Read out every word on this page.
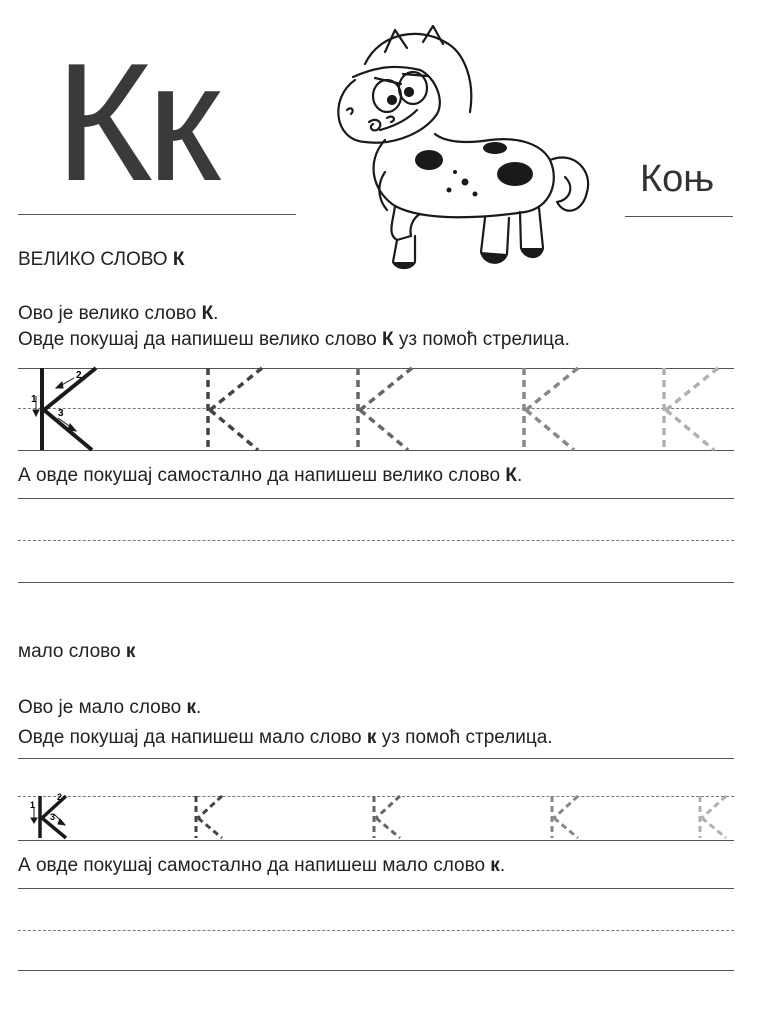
Кк	Коњ
ВЕЛИКО СЛОВО К
Ово је велико слово К.
Овде покушај да напишеш велико слово К уз помоћ стрелица.
1
2
3
А овде покушај самостално да напишеш велико слово К.
мало слово к
Ово је мало слово к.
Овде покушај да напишеш мало слово к уз помоћ стрелица.
1
2
3
А овде покушај самостално да напишеш мало слово к.
